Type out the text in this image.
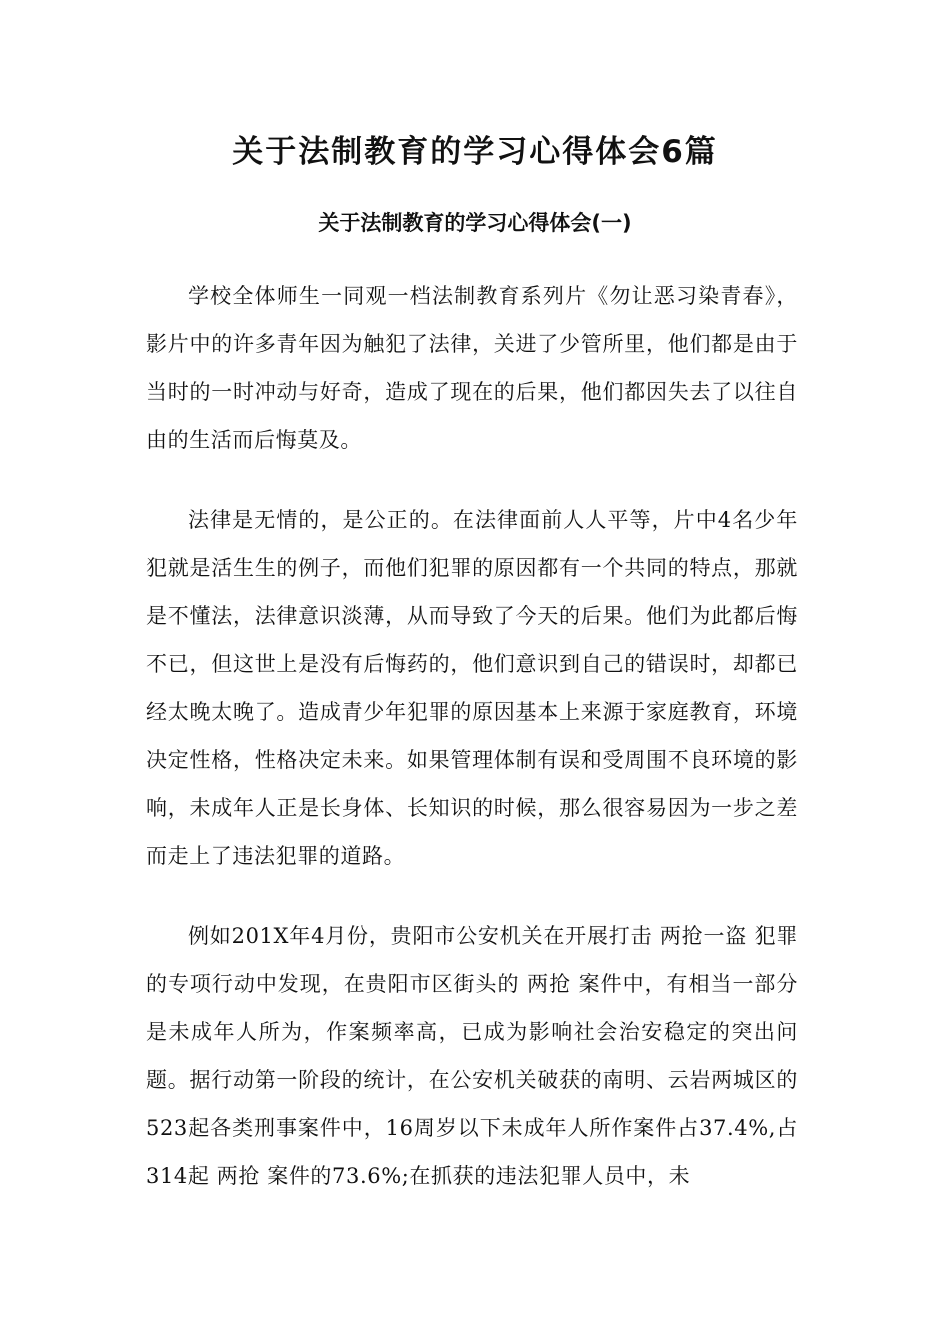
关于法制教育的学习心得体会6篇
关于法制教育的学习心得体会(一)

学校全体师生一同观一档法制教育系列片《勿让恶习染青春》，影片中的许多青年因为触犯了法律，关进了少管所里，他们都是由于当时的一时冲动与好奇，造成了现在的后果，他们都因失去了以往自由的生活而后悔莫及。

法律是无情的，是公正的。在法律面前人人平等，片中4名少年犯就是活生生的例子，而他们犯罪的原因都有一个共同的特点，那就是不懂法，法律意识淡薄，从而导致了今天的后果。他们为此都后悔不已，但这世上是没有后悔药的，他们意识到自己的错误时，却都已经太晚太晚了。造成青少年犯罪的原因基本上来源于家庭教育，环境决定性格，性格决定未来。如果管理体制有误和受周围不良环境的影响，未成年人正是长身体、长知识的时候，那么很容易因为一步之差而走上了违法犯罪的道路。

例如201X年4月份，贵阳市公安机关在开展打击 两抢一盗 犯罪的专项行动中发现，在贵阳市区街头的 两抢 案件中，有相当一部分是未成年人所为，作案频率高，已成为影响社会治安稳定的突出问题。据行动第一阶段的统计，在公安机关破获的南明、云岩两城区的523起各类刑事案件中，16周岁以下未成年人所作案件占37.4%,占314起 两抢 案件的73.6%;在抓获的违法犯罪人员中，未
